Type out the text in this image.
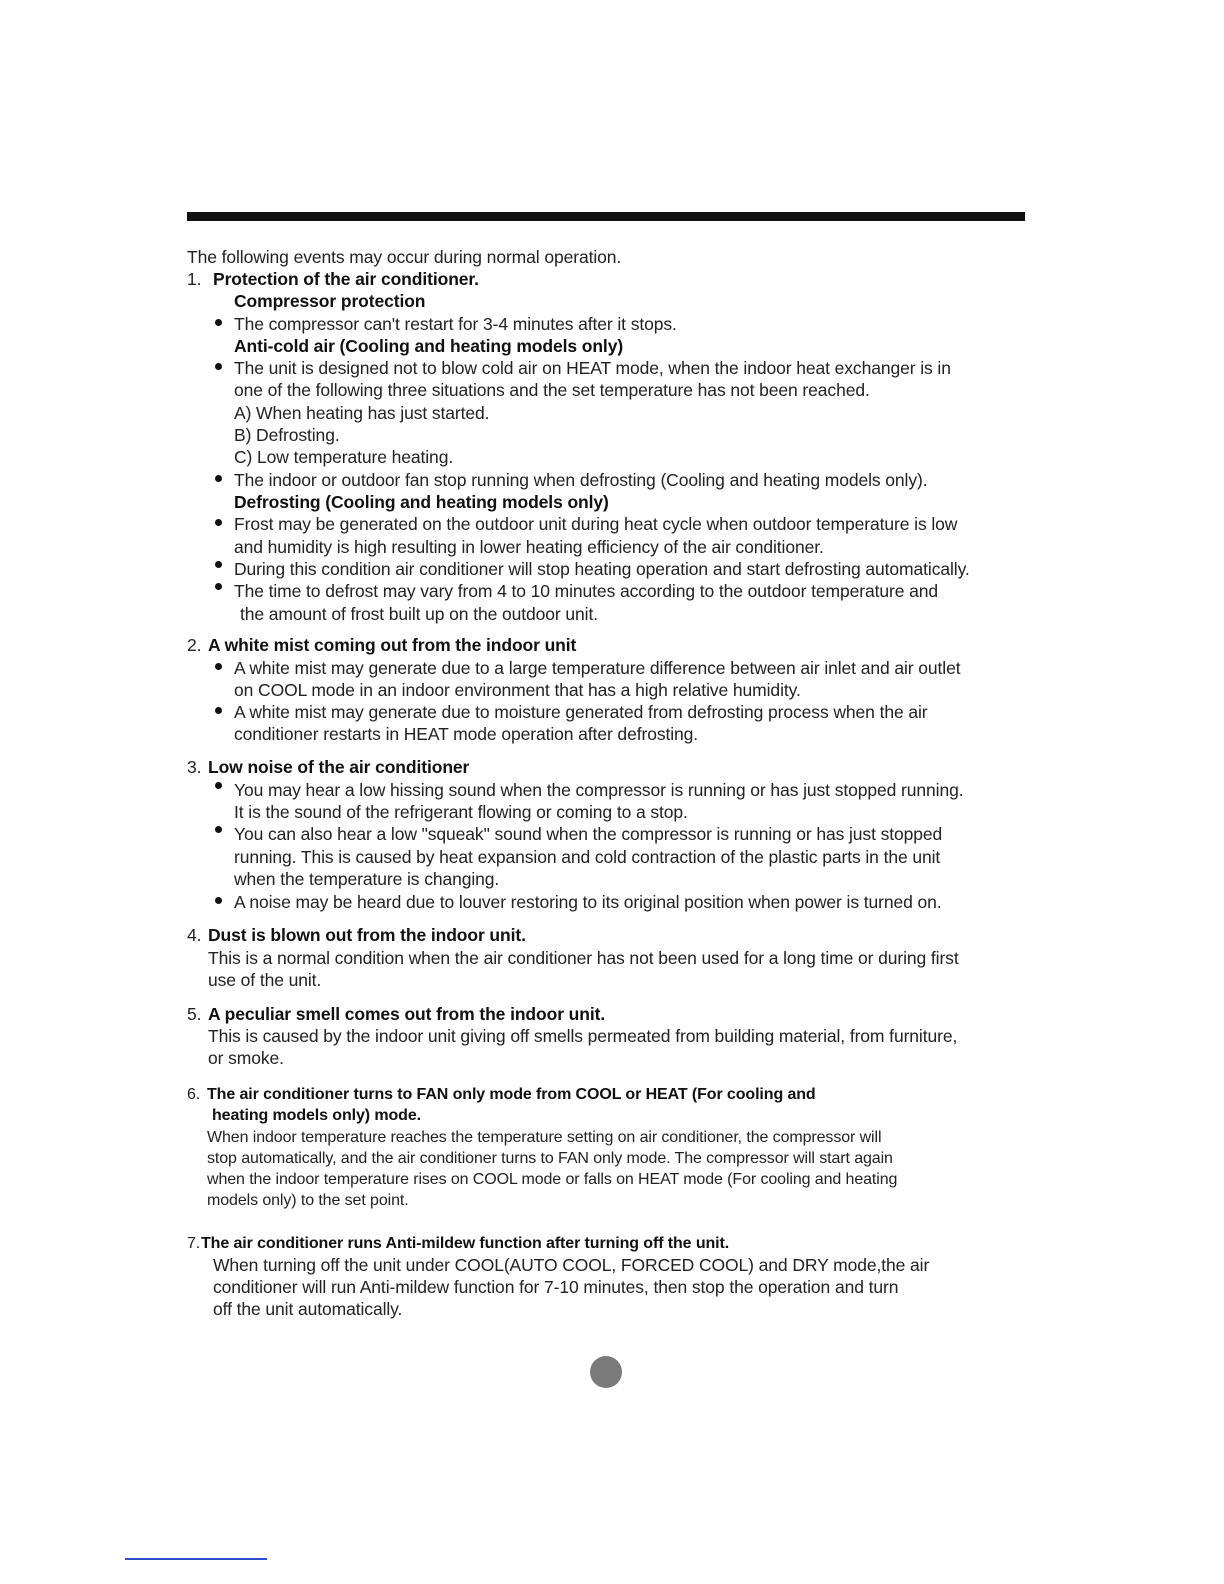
The following events may occur during normal operation.
1. Protection of the air conditioner.
Compressor protection
The compressor can't restart for 3-4 minutes after it stops.
Anti-cold air (Cooling and heating models only)
The unit is designed not to blow cold air on HEAT mode, when the indoor heat exchanger is in
one of the following three situations and the set temperature has not been reached.
A) When heating has just started.
B) Defrosting.
C) Low temperature heating.
The indoor or outdoor fan stop running when defrosting (Cooling and heating models only).
Defrosting (Cooling and heating models only)
Frost may be generated on the outdoor unit during heat cycle when outdoor temperature is low
and humidity is high resulting in lower heating efficiency of the air conditioner.
During this condition air conditioner will stop heating operation and start defrosting automatically.
The time to defrost may vary from 4 to 10 minutes according to the outdoor temperature and
the amount of frost built up on the outdoor unit.
2. A white mist coming out from the indoor unit
A white mist may generate due to a large temperature difference between air inlet and air outlet
on COOL mode in an indoor environment that has a high relative humidity.
A white mist may generate due to moisture generated from defrosting process when the air
conditioner restarts in HEAT mode operation after defrosting.
3. Low noise of the air conditioner
You may hear a low hissing sound when the compressor is running or has just stopped running.
It is the sound of the refrigerant flowing or coming to a stop.
You can also hear a low "squeak" sound when the compressor is running or has just stopped
running. This is caused by heat expansion and cold contraction of the plastic parts in the unit
when the temperature is changing.
A noise may be heard due to louver restoring to its original position when power is turned on.
4. Dust is blown out from the indoor unit.
This is a normal condition when the air conditioner has not been used for a long time or during first
use of the unit.
5. A peculiar smell comes out from the indoor unit.
This is caused by the indoor unit giving off smells permeated from building material, from furniture,
or smoke.
6. The air conditioner turns to FAN only mode from COOL or HEAT (For cooling and
heating models only) mode.
When indoor temperature reaches the temperature setting on air conditioner, the compressor will
stop automatically, and the air conditioner turns to FAN only mode. The compressor will start again
when the indoor temperature rises on COOL mode or falls on HEAT mode (For cooling and heating
models only) to the set point.
7. The air conditioner runs Anti-mildew function after turning off the unit.
When turning off the unit under COOL(AUTO COOL, FORCED COOL) and DRY mode,the air
conditioner will run Anti-mildew function for 7-10 minutes, then stop the operation and turn
off the unit automatically.
